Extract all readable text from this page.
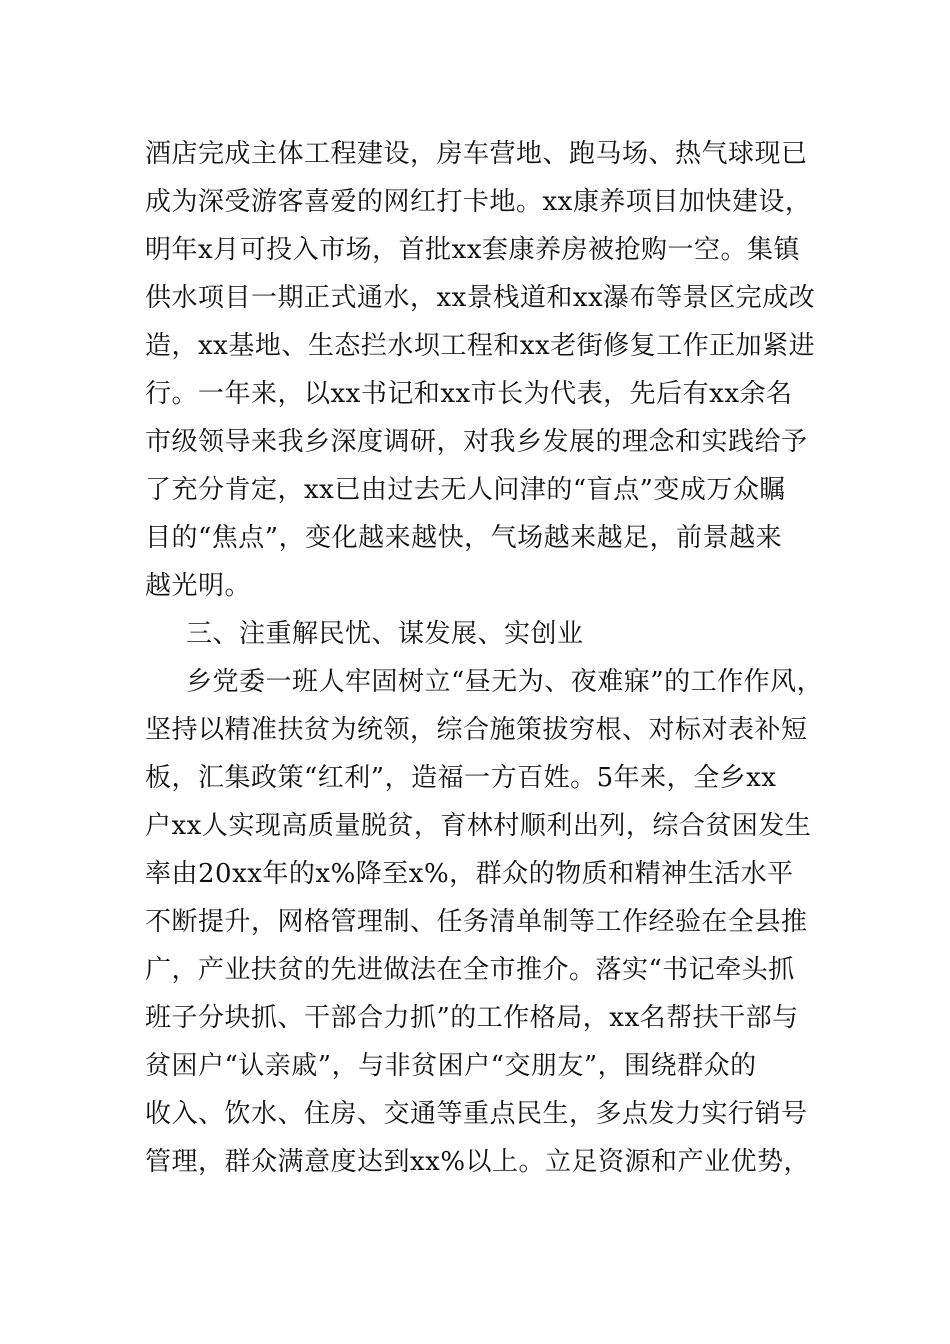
酒店完成主体工程建设，房车营地、跑马场、热气球现已
成为深受游客喜爱的网红打卡地。xx康养项目加快建设，
明年x月可投入市场，首批xx套康养房被抢购一空。集镇
供水项目一期正式通水，xx景栈道和xx瀑布等景区完成改
造，xx基地、生态拦水坝工程和xx老街修复工作正加紧进
行。一年来，以xx书记和xx市长为代表，先后有xx余名
市级领导来我乡深度调研，对我乡发展的理念和实践给予
了充分肯定，xx已由过去无人问津的“盲点”变成万众瞩
目的“焦点”，变化越来越快，气场越来越足，前景越来
越光明。
三、注重解民忧、谋发展、实创业
乡党委一班人牢固树立“昼无为、夜难寐”的工作作风，
坚持以精准扶贫为统领，综合施策拔穷根、对标对表补短
板，汇集政策“红利”，造福一方百姓。5年来，全乡xx
户xx人实现高质量脱贫，育林村顺利出列，综合贫困发生
率由20xx年的x%降至x%，群众的物质和精神生活水平
不断提升，网格管理制、任务清单制等工作经验在全县推
广，产业扶贫的先进做法在全市推介。落实“书记牵头抓
班子分块抓、干部合力抓”的工作格局，xx名帮扶干部与
贫困户“认亲戚”，与非贫困户“交朋友”，围绕群众的
收入、饮水、住房、交通等重点民生，多点发力实行销号
管理，群众满意度达到xx%以上。立足资源和产业优势，
